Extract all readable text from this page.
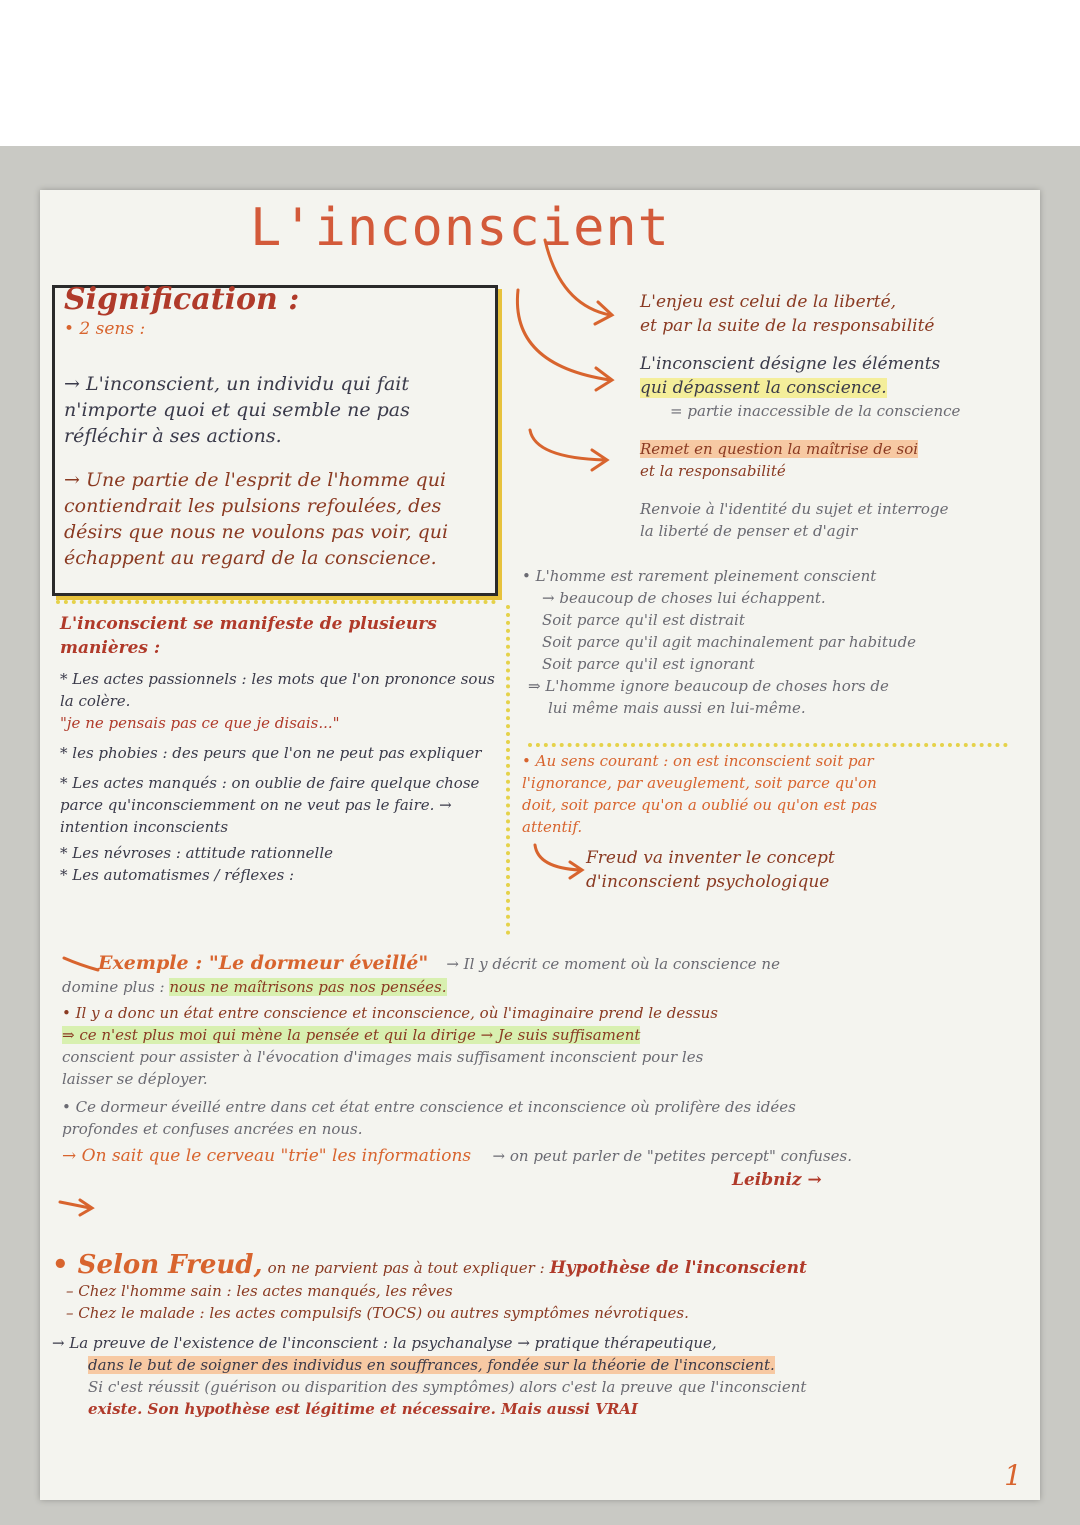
L'inconscient
Signification :
• 2 sens :

→ L'inconscient, un individu qui fait n'importe quoi et qui semble ne pas réfléchir à ses actions.

→ Une partie de l'esprit de l'homme qui contiendrait les pulsions refoulées, des désirs que nous ne voulons pas voir, qui échappent au regard de la conscience.

L'enjeu est celui de la liberté,

et par la suite de la responsabilité

L'inconscient désigne les éléments

qui dépassent la conscience.

= partie inaccessible de la conscience

Remet en question la maîtrise de soi

et la responsabilité

Renvoie à l'identité du sujet et interroge

la liberté de penser et d'agir

• L'homme est rarement pleinement conscient

→ beaucoup de choses lui échappent.

Soit parce qu'il est distrait

Soit parce qu'il agit machinalement par habitude

Soit parce qu'il est ignorant

⇒ L'homme ignore beaucoup de choses hors de

lui même mais aussi en lui-même.

• Au sens courant : on est inconscient soit par

l'ignorance, par aveuglement, soit parce qu'on

doit, soit parce qu'on a oublié ou qu'on est pas

attentif.

Freud va inventer le concept

d'inconscient psychologique

L'inconscient se manifeste de plusieurs manières :

* Les actes passionnels : les mots que l'on prononce sous la colère.

"je ne pensais pas ce que je disais..."

* les phobies : des peurs que l'on ne peut pas expliquer

* Les actes manqués : on oublie de faire quelque chose parce qu'inconsciemment on ne veut pas le faire. → intention inconscients

* Les névroses : attitude rationnelle

* Les automatismes / réflexes :

Exemple : "Le dormeur éveillé" → Il y décrit ce moment où la conscience ne

domine plus : nous ne maîtrisons pas nos pensées.

• Il y a donc un état entre conscience et inconscience, où l'imaginaire prend le dessus

⇒ ce n'est plus moi qui mène la pensée et qui la dirige → Je suis suffisament

conscient pour assister à l'évocation d'images mais suffisament inconscient pour les

laisser se déployer.

• Ce dormeur éveillé entre dans cet état entre conscience et inconscience où prolifère des idées

profondes et confuses ancrées en nous.

→ On sait que le cerveau "trie" les informations → on peut parler de "petites percept" confuses.

Leibniz →

• Selon Freud, on ne parvient pas à tout expliquer : Hypothèse de l'inconscient

– Chez l'homme sain : les actes manqués, les rêves

– Chez le malade : les actes compulsifs (TOCS) ou autres symptômes névrotiques.

→ La preuve de l'existence de l'inconscient : la psychanalyse → pratique thérapeutique,

dans le but de soigner des individus en souffrances, fondée sur la théorie de l'inconscient.

Si c'est réussit (guérison ou disparition des symptômes) alors c'est la preuve que l'inconscient

existe. Son hypothèse est légitime et nécessaire. Mais aussi VRAI

1
